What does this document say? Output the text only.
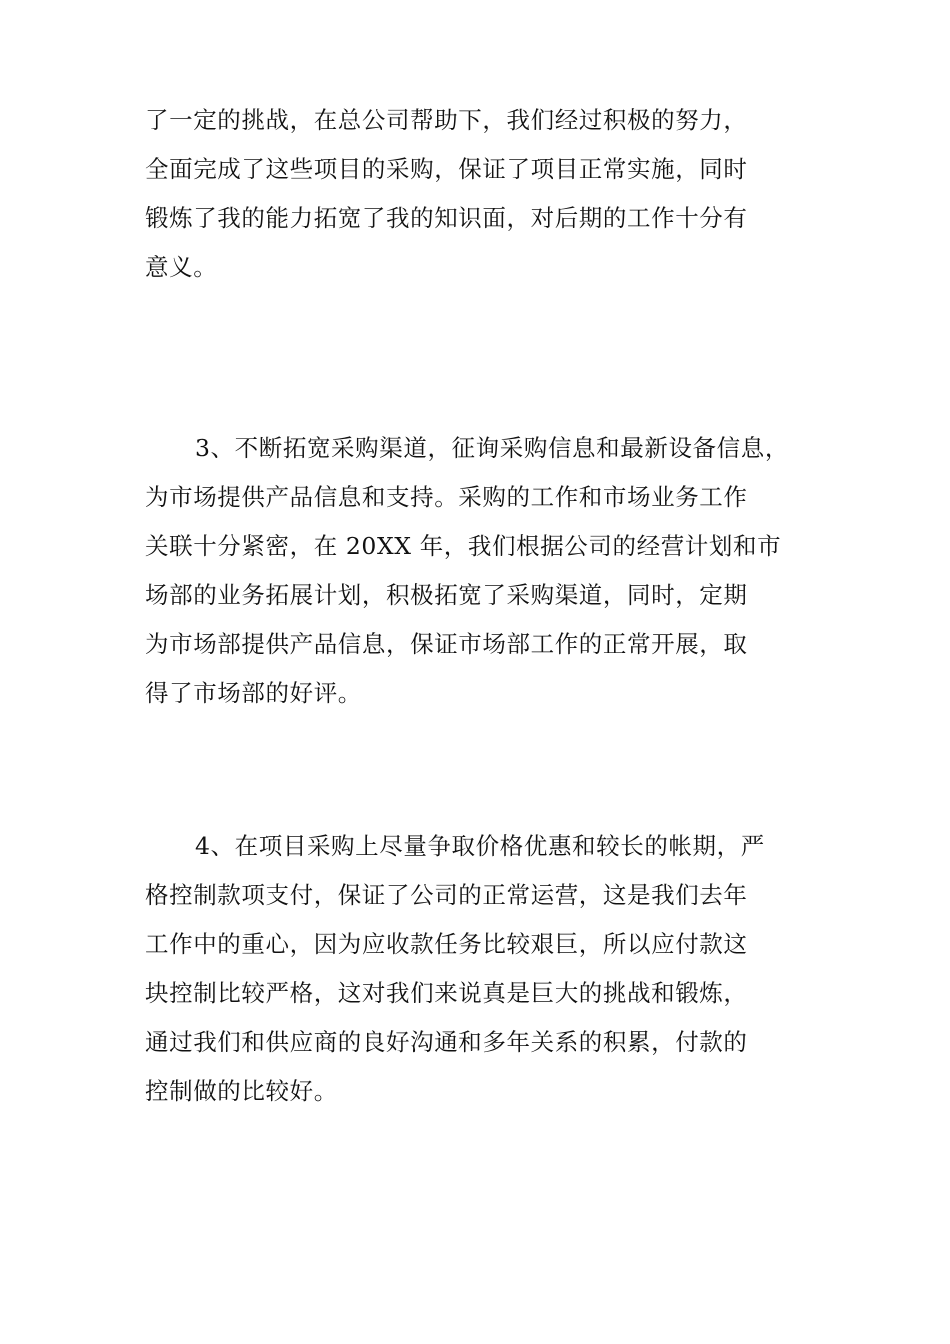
了一定的挑战，在总公司帮助下，我们经过积极的努力，
全面完成了这些项目的采购，保证了项目正常实施，同时
锻炼了我的能力拓宽了我的知识面，对后期的工作十分有
意义。
3、不断拓宽采购渠道，征询采购信息和最新设备信息，
为市场提供产品信息和支持。采购的工作和市场业务工作
关联十分紧密，在 20XX 年，我们根据公司的经营计划和市
场部的业务拓展计划，积极拓宽了采购渠道，同时，定期
为市场部提供产品信息，保证市场部工作的正常开展，取
得了市场部的好评。
4、在项目采购上尽量争取价格优惠和较长的帐期，严
格控制款项支付，保证了公司的正常运营，这是我们去年
工作中的重心，因为应收款任务比较艰巨，所以应付款这
块控制比较严格，这对我们来说真是巨大的挑战和锻炼，
通过我们和供应商的良好沟通和多年关系的积累，付款的
控制做的比较好。
